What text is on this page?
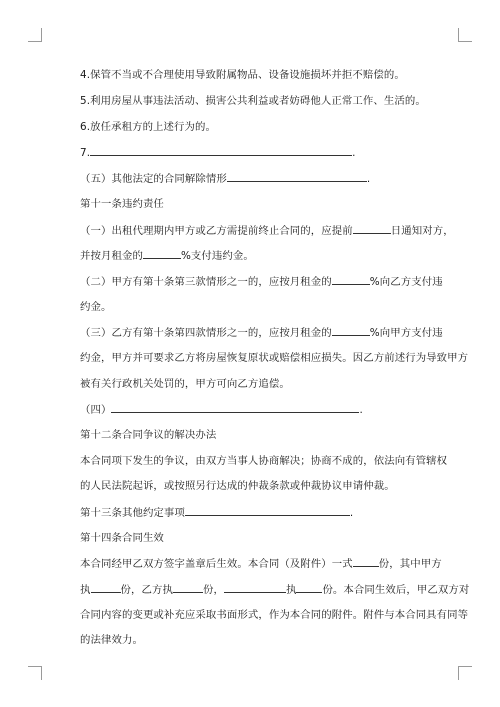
4.保管不当或不合理使用导致附属物品、设备设施损坏并拒不赔偿的。
5.利用房屋从事违法活动、损害公共利益或者妨碍他人正常工作、生活的。
6.放任承租方的上述行为的。
7.	.
（五）其他法定的合同解除情形	.
第十一条违约责任
（一）出租代理期内甲方或乙方需提前终止合同的，应提前	日通知对方，
并按月租金的	%支付违约金。
（二）甲方有第十条第三款情形之一的，应按月租金的	%向乙方支付违
约金。
（三）乙方有第十条第四款情形之一的，应按月租金的	%向甲方支付违
约金，甲方并可要求乙方将房屋恢复原状或赔偿相应损失。因乙方前述行为导致甲方
被有关行政机关处罚的，甲方可向乙方追偿。
（四）	.
第十二条合同争议的解决办法
本合同项下发生的争议，由双方当事人协商解决；协商不成的，依法向有管辖权
的人民法院起诉，或按照另行达成的仲裁条款或仲裁协议申请仲裁。
第十三条其他约定事项	.
第十四条合同生效
本合同经甲乙双方签字盖章后生效。本合同（及附件）一式	份，其中甲方
执	份，乙方执	份，	执	份。本合同生效后，甲乙双方对
合同内容的变更或补充应采取书面形式，作为本合同的附件。附件与本合同具有同等
的法律效力。
